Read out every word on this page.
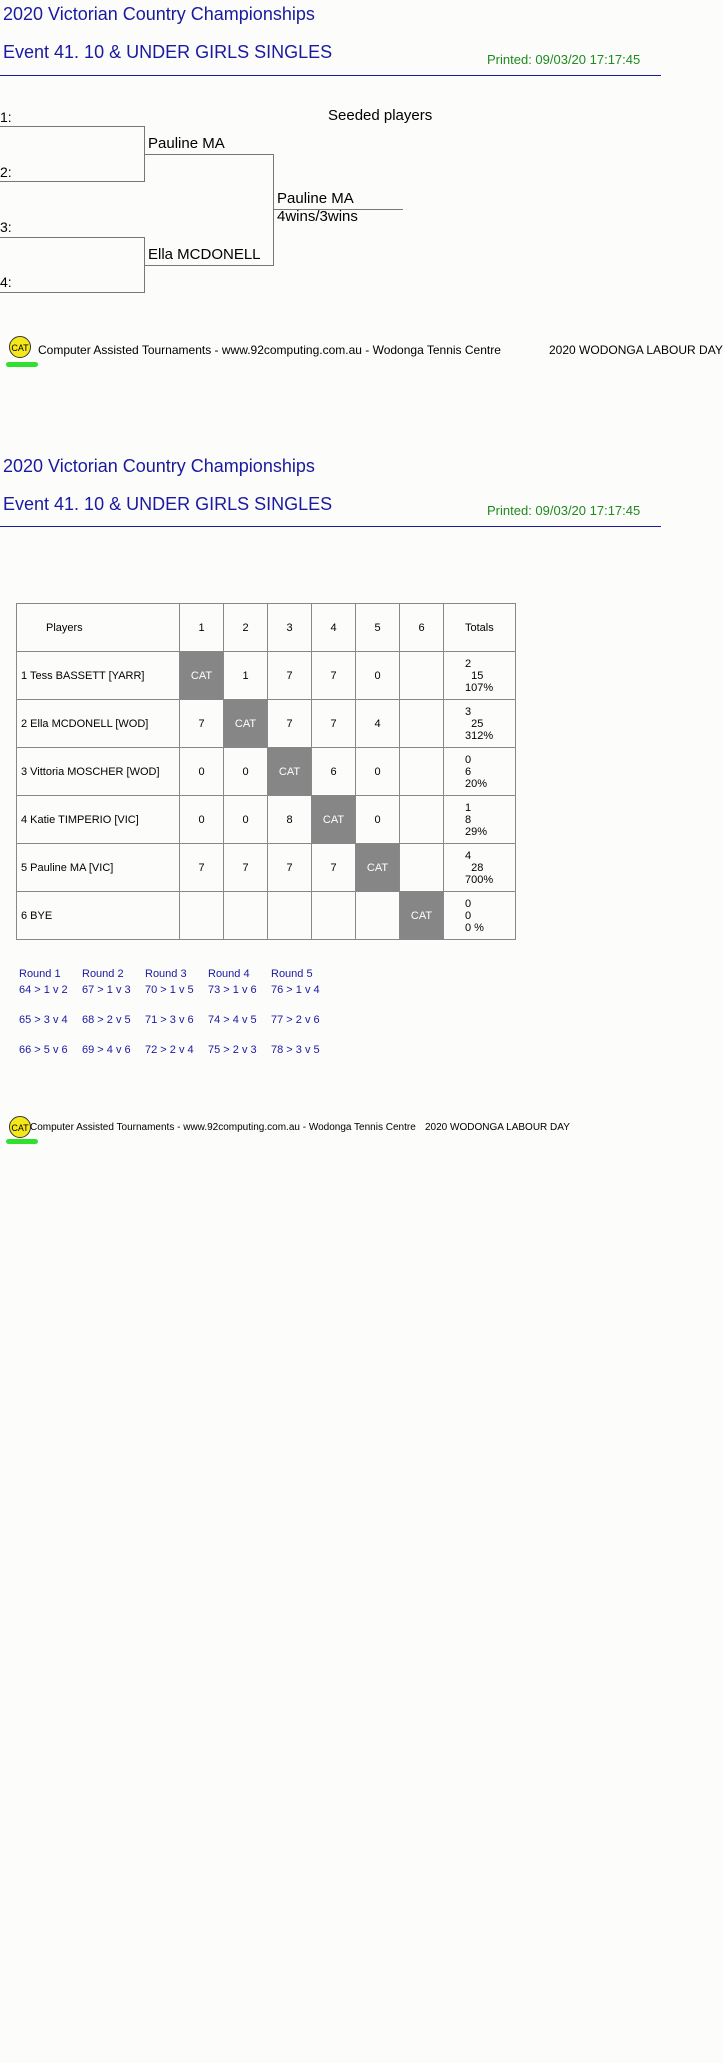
2020 Victorian Country Championships
Event 41. 10 & UNDER GIRLS SINGLES	Printed: 09/03/20 17:17:45
Seeded players
1:
2:
Pauline MA
3:
4:
Ella MCDONELL
Pauline MA
4wins/3wins
CAT Computer Assisted Tournaments - www.92computing.com.au - Wodonga Tennis Centre	2020 WODONGA LABOUR DAY
2020 Victorian Country Championships
Event 41. 10 & UNDER GIRLS SINGLES	Printed: 09/03/20 17:17:45
Players	1	2	3	4	5	6	Totals
1 Tess BASSETT [YARR]	CAT	1	7	7	0		2
15
107%

2 Ella MCDONELL [WOD]	7	CAT	7	7	4		3
25
312%

3 Vittoria MOSCHER [WOD]	0	0	CAT	6	0		0
6
20%

4 Katie TIMPERIO [VIC]	0	0	8	CAT	0		1
8
29%

5 Pauline MA [VIC]	7	7	7	7	CAT		4
28
700%

6 BYE						CAT	0
0
0 %
Round 1
64 > 1 v 2
65 > 3 v 4
66 > 5 v 6
Round 2
67 > 1 v 3
68 > 2 v 5
69 > 4 v 6
Round 3
70 > 1 v 5
71 > 3 v 6
72 > 2 v 4
Round 4
73 > 1 v 6
74 > 4 v 5
75 > 2 v 3
Round 5
76 > 1 v 4
77 > 2 v 6
78 > 3 v 5
CAT Computer Assisted Tournaments - www.92computing.com.au - Wodonga Tennis Centre 2020 WODONGA LABOUR DAY
